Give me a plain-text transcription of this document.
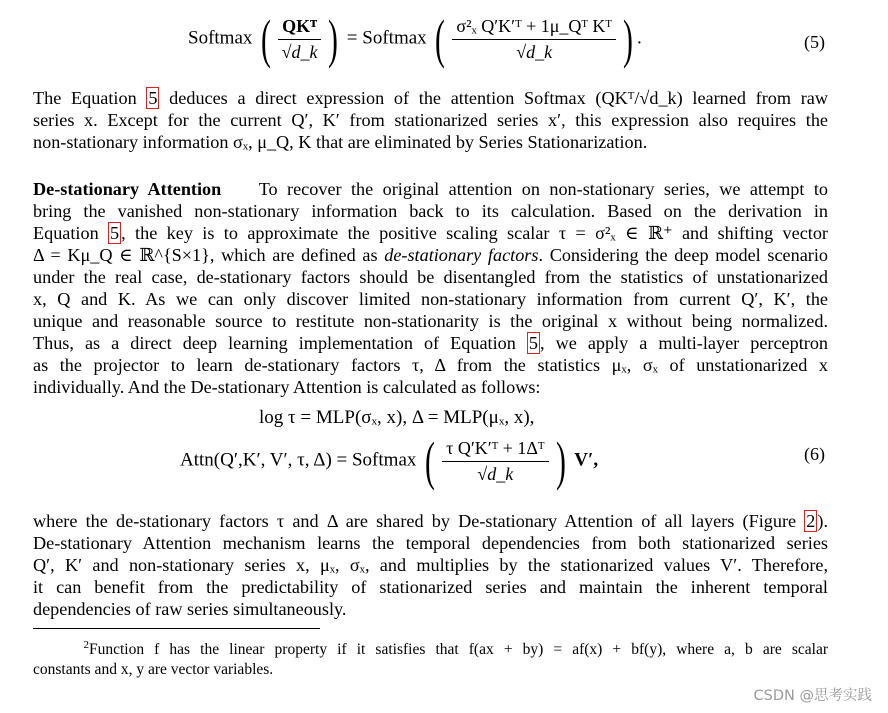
Softmax ( $\frac{\text{QKᵀ}}{√d\_k}$ ) = Softmax ( $\frac{\text{σ²ₓ Q′K′ᵀ + 1μ\_Qᵀ Kᵀ}}{√d\_k}$ ) .	(5)
The Equation 5 deduces a direct expression of the attention Softmax (QKᵀ/√d_k) learned from raw
series x. Except for the current Q′, K′ from stationarized series x′, this expression also requires the
non-stationary information σₓ, μ_Q, K that are eliminated by Series Stationarization.
De-stationary Attention To recover the original attention on non-stationary series, we attempt to
bring the vanished non-stationary information back to its calculation. Based on the derivation in
Equation 5 , the key is to approximate the positive scaling scalar τ = σ²ₓ ∈ ℝ⁺ and shifting vector
Δ = Kμ_Q ∈ ℝ^{S×1}, which are defined as de-stationary factors. Considering the deep model scenario
under the real case, de-stationary factors should be disentangled from the statistics of unstationarized
x, Q and K. As we can only discover limited non-stationary information from current Q′, K′, the
unique and reasonable source to restitute non-stationarity is the original x without being normalized.
Thus, as a direct deep learning implementation of Equation 5 , we apply a multi-layer perceptron
as the projector to learn de-stationary factors τ, Δ from the statistics μₓ, σₓ of unstationarized x
individually. And the De-stationary Attention is calculated as follows:
log τ = MLP(σₓ, x), Δ = MLP(μₓ, x),
Attn(Q′,K′, V′, τ, Δ) = Softmax ( $\frac{\text{τ Q′K′ᵀ + 1Δᵀ}}{√d\_k}$ ) V′,	(6)
where the de-stationary factors τ and Δ are shared by De-stationary Attention of all layers (Figure 2 ).
De-stationary Attention mechanism learns the temporal dependencies from both stationarized series
Q′, K′ and non-stationary series x, μₓ, σₓ, and multiplies by the stationarized values V′. Therefore,
it can benefit from the predictability of stationarized series and maintain the inherent temporal
dependencies of raw series simultaneously.
$^2$Function f has the linear property if it satisfies that f(ax + by) = af(x) + bf(y), where a, b are scalar
constants and x, y are vector variables.
CSDN @思考实践
